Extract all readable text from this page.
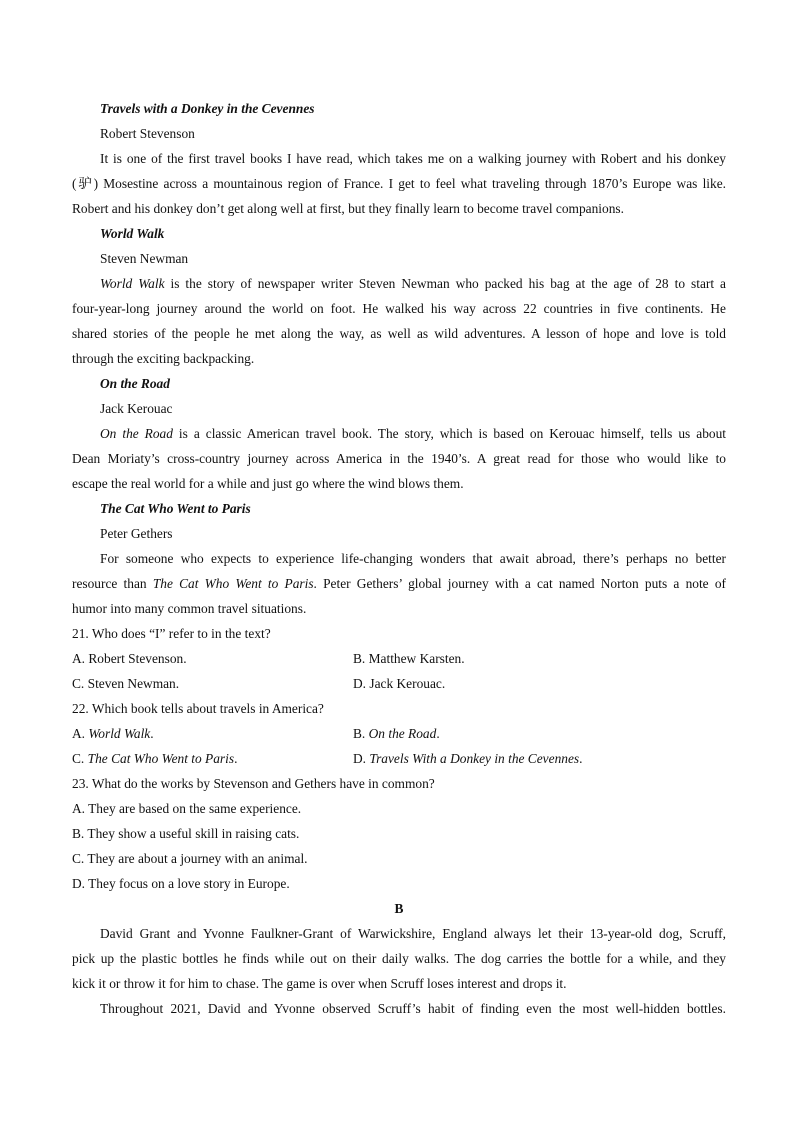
Travels with a Donkey in the Cevennes
Robert Stevenson
It is one of the first travel books I have read, which takes me on a walking journey with Robert and his donkey
(驴) Mosestine across a mountainous region of France. I get to feel what traveling through 1870’s Europe was like.
Robert and his donkey don’t get along well at first, but they finally learn to become travel companions.
World Walk
Steven Newman
World Walk is the story of newspaper writer Steven Newman who packed his bag at the age of 28 to start a
four-year-long journey around the world on foot. He walked his way across 22 countries in five continents. He
shared stories of the people he met along the way, as well as wild adventures. A lesson of hope and love is told
through the exciting backpacking.
On the Road
Jack Kerouac
On the Road is a classic American travel book. The story, which is based on Kerouac himself, tells us about
Dean Moriaty’s cross-country journey across America in the 1940’s. A great read for those who would like to
escape the real world for a while and just go where the wind blows them.
The Cat Who Went to Paris
Peter Gethers
For someone who expects to experience life-changing wonders that await abroad, there’s perhaps no better
resource than The Cat Who Went to Paris. Peter Gethers’ global journey with a cat named Norton puts a note of
humor into many common travel situations.
21. Who does “I” refer to in the text?
A. Robert Stevenson.	B. Matthew Karsten.
C. Steven Newman.	D. Jack Kerouac.
22. Which book tells about travels in America?
A. World Walk.	B. On the Road.
C. The Cat Who Went to Paris.	D. Travels With a Donkey in the Cevennes.
23. What do the works by Stevenson and Gethers have in common?
A. They are based on the same experience.
B. They show a useful skill in raising cats.
C. They are about a journey with an animal.
D. They focus on a love story in Europe.
B
David Grant and Yvonne Faulkner-Grant of Warwickshire, England always let their 13-year-old dog, Scruff,
pick up the plastic bottles he finds while out on their daily walks. The dog carries the bottle for a while, and they
kick it or throw it for him to chase. The game is over when Scruff loses interest and drops it.
Throughout 2021, David and Yvonne observed Scruff’s habit of finding even the most well-hidden bottles.
